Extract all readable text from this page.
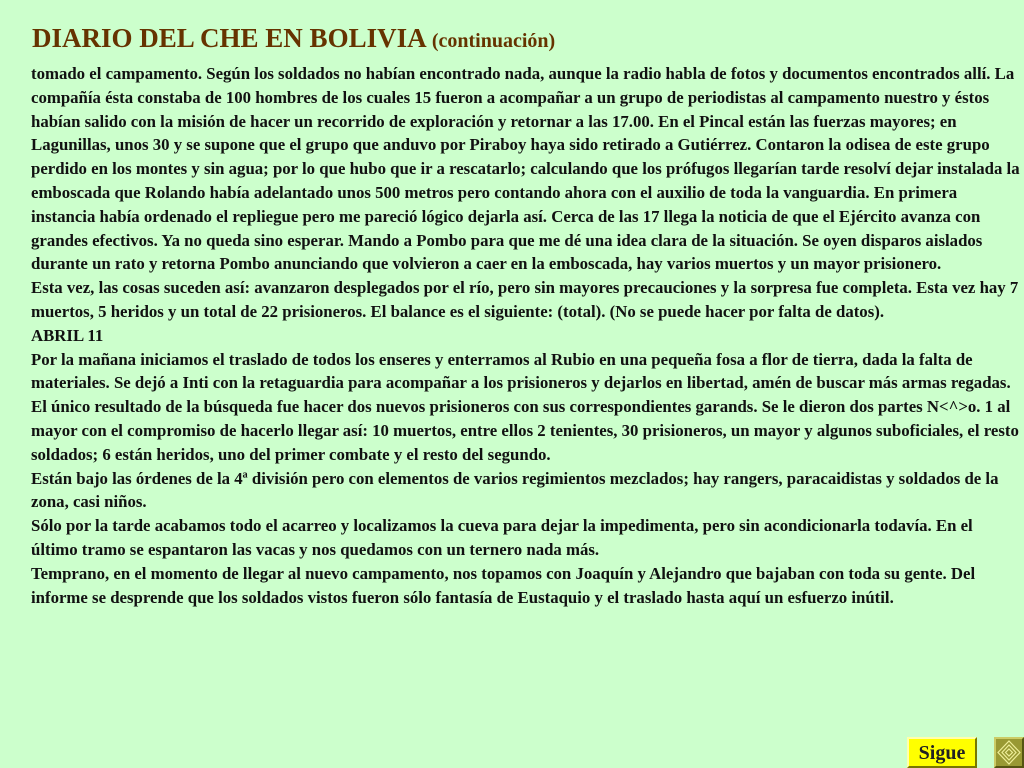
DIARIO DEL CHE EN BOLIVIA (continuación)

tomado el campamento. Según los soldados no habían encontrado nada, aunque la radio habla de fotos y documentos encontrados allí. La compañía ésta constaba de 100 hombres de los cuales 15 fueron a acompañar a un grupo de periodistas al campamento nuestro y éstos habían salido con la misión de hacer un recorrido de exploración y retornar a las 17.00. En el Pincal están las fuerzas mayores; en Lagunillas, unos 30 y se supone que el grupo que anduvo por Piraboy haya sido retirado a Gutiérrez. Contaron la odisea de este grupo perdido en los montes y sin agua; por lo que hubo que ir a rescatarlo; calculando que los prófugos llegarían tarde resolví dejar instalada la emboscada que Rolando había adelantado unos 500 metros pero contando ahora con el auxilio de toda la vanguardia. En primera instancia había ordenado el repliegue pero me pareció lógico dejarla así. Cerca de las 17 llega la noticia de que el Ejército avanza con grandes efectivos. Ya no queda sino esperar. Mando a Pombo para que me dé una idea clara de la situación. Se oyen disparos aislados durante un rato y retorna Pombo anunciando que volvieron a caer en la emboscada, hay varios muertos y un mayor prisionero.

Esta vez, las cosas suceden así: avanzaron desplegados por el río, pero sin mayores precauciones y la sorpresa fue completa. Esta vez hay 7 muertos, 5 heridos y un total de 22 prisioneros. El balance es el siguiente: (total). (No se puede hacer por falta de datos).

ABRIL 11

Por la mañana iniciamos el traslado de todos los enseres y enterramos al Rubio en una pequeña fosa a flor de tierra, dada la falta de materiales. Se dejó a Inti con la retaguardia para acompañar a los prisioneros y dejarlos en libertad, amén de buscar más armas regadas. El único resultado de la búsqueda fue hacer dos nuevos prisioneros con sus correspondientes garands. Se le dieron dos partes N<^>o. 1 al mayor con el compromiso de hacerlo llegar así: 10 muertos, entre ellos 2 tenientes, 30 prisioneros, un mayor y algunos suboficiales, el resto soldados; 6 están heridos, uno del primer combate y el resto del segundo.

Están bajo las órdenes de la 4ª división pero con elementos de varios regimientos mezclados; hay rangers, paracaidistas y soldados de la zona, casi niños.

Sólo por la tarde acabamos todo el acarreo y localizamos la cueva para dejar la impedimenta, pero sin acondicionarla todavía. En el último tramo se espantaron las vacas y nos quedamos con un ternero nada más.

Temprano, en el momento de llegar al nuevo campamento, nos topamos con Joaquín y Alejandro que bajaban con toda su gente. Del informe se desprende que los soldados vistos fueron sólo fantasía de Eustaquio y el traslado hasta aquí un esfuerzo inútil.

Sigue
